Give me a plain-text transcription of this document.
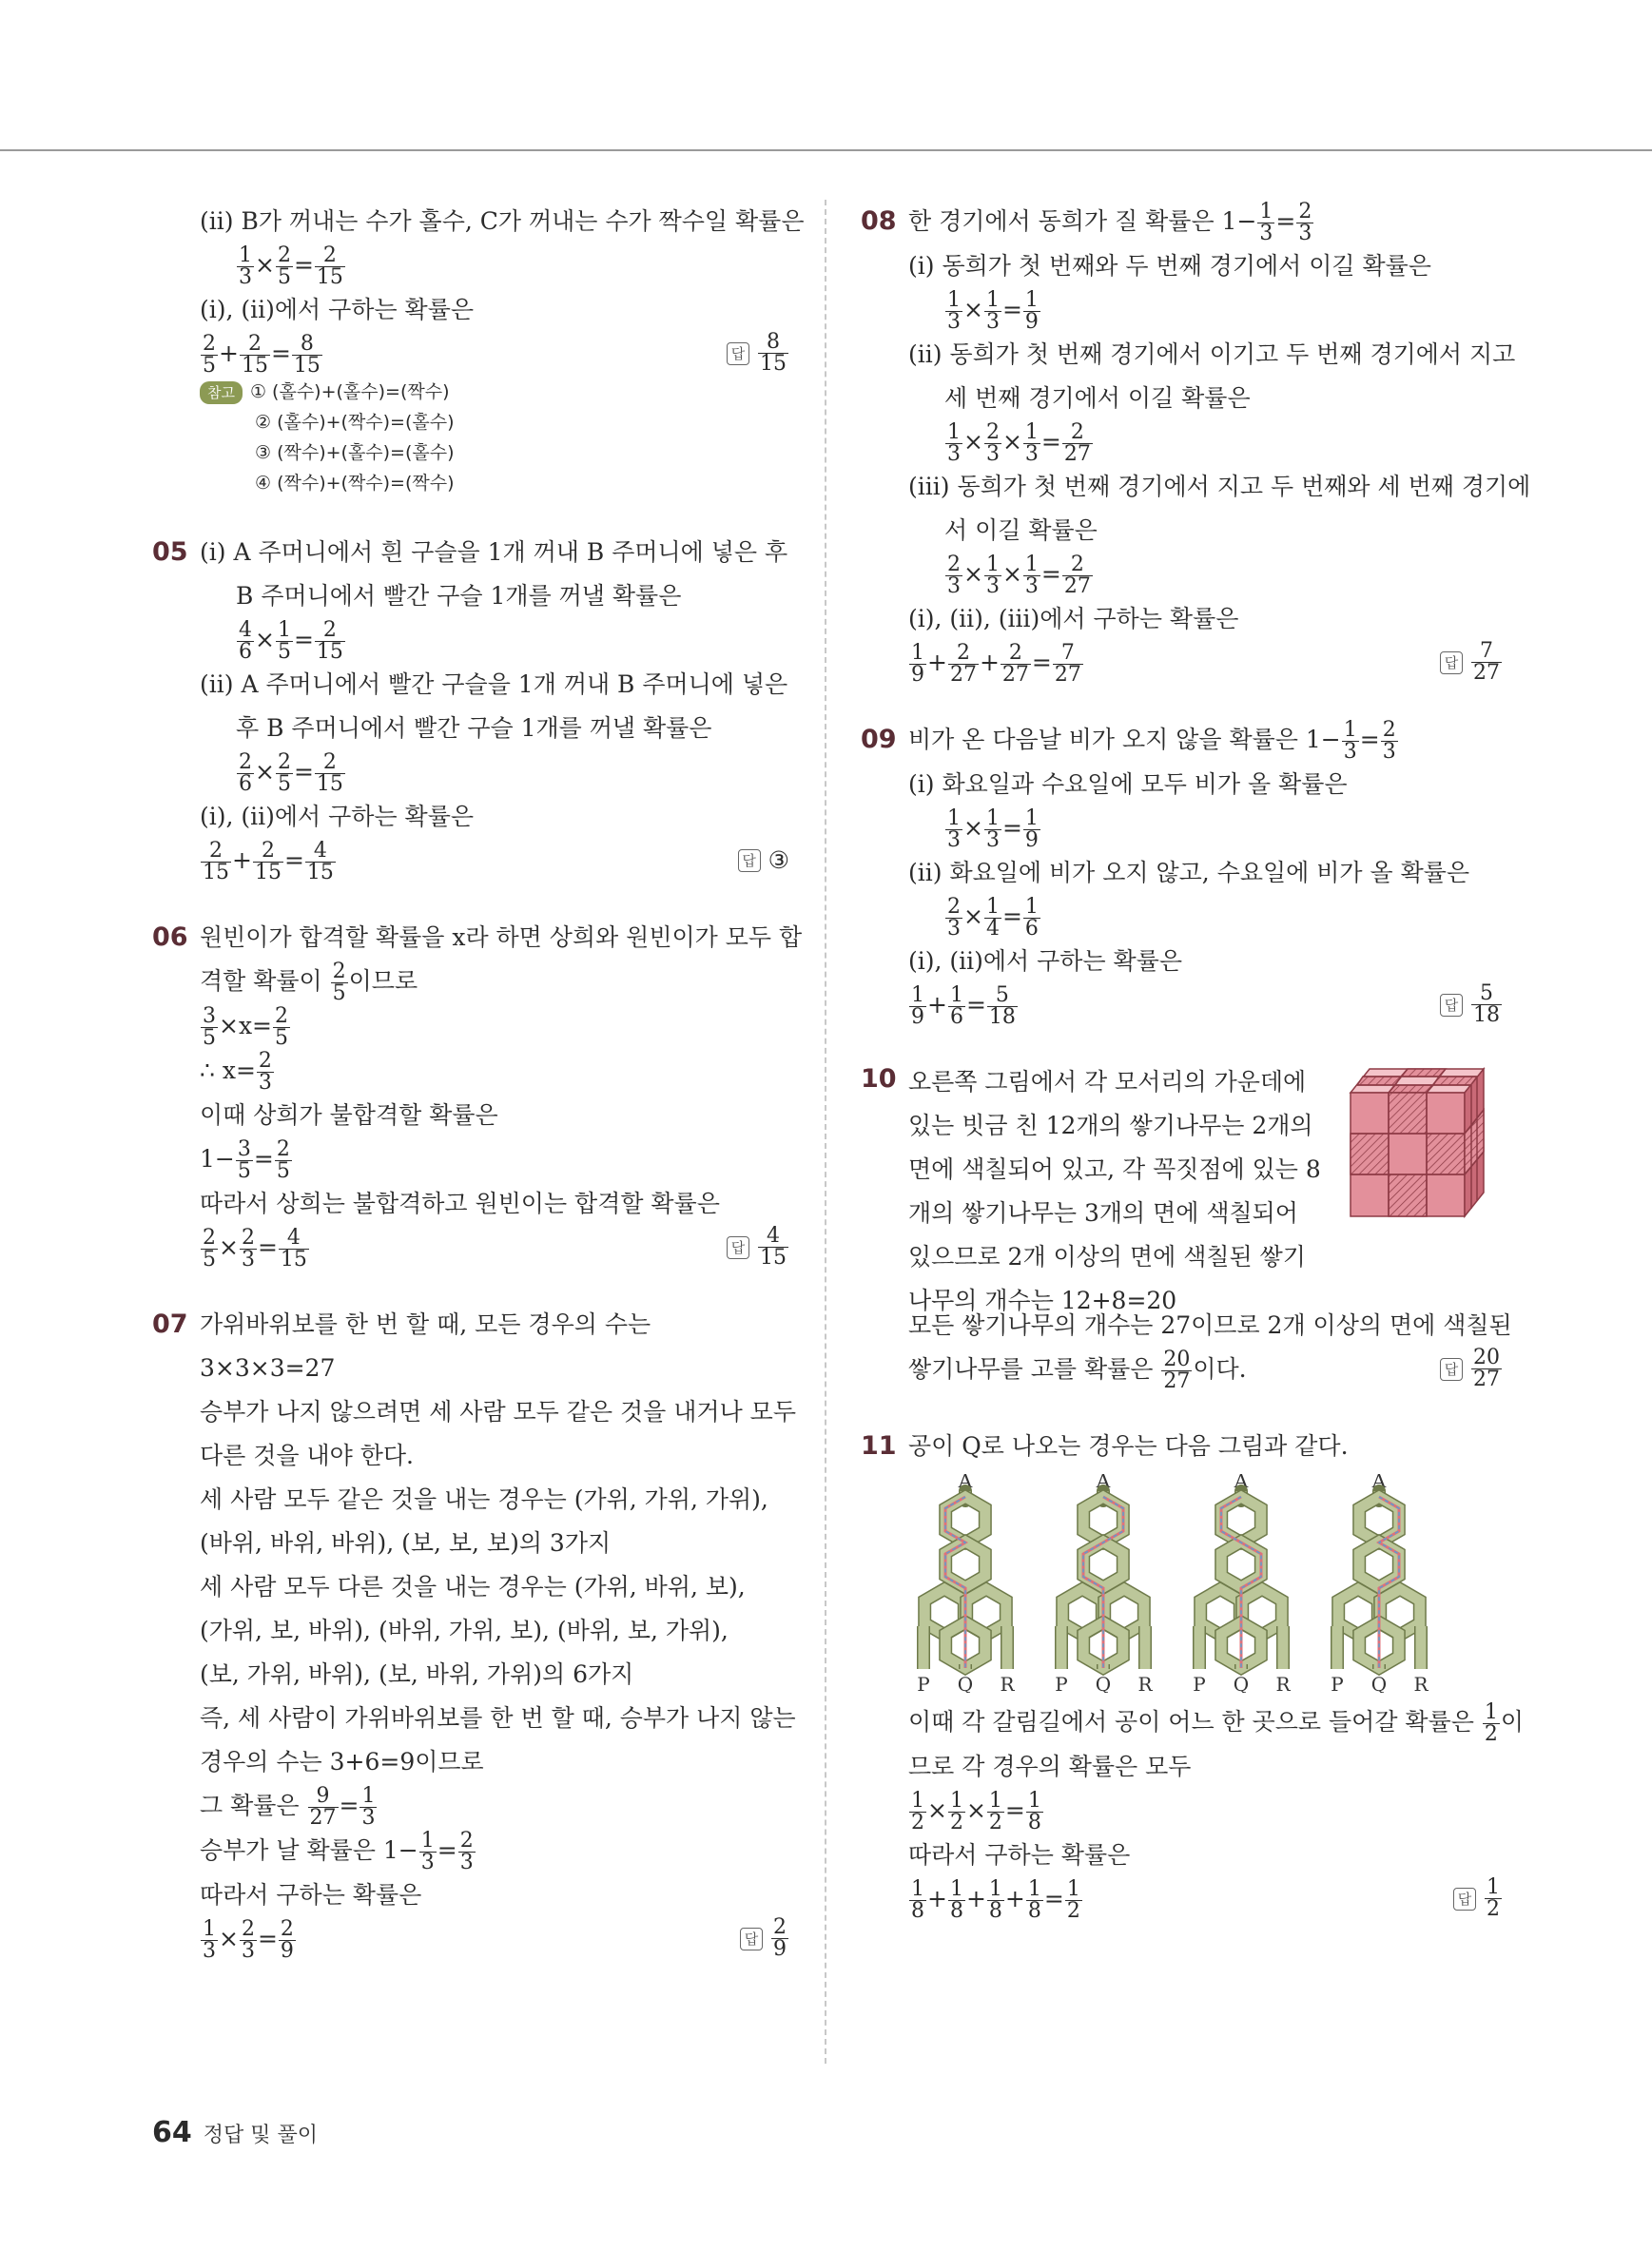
(ⅱ) B가 꺼내는 수가 홀수, C가 꺼내는 수가 짝수일 확률은
$\frac{1}{3} \times \frac{2}{5} = \frac{2}{15}$
(ⅰ), (ⅱ)에서 구하는 확률은
$\frac{2}{5} + \frac{2}{15} = \frac{8}{15}$	답 $\frac{8}{15}$
참고 ① (홀수)+(홀수)=(짝수)
② (홀수)+(짝수)=(홀수)
③ (짝수)+(홀수)=(홀수)
④ (짝수)+(짝수)=(짝수)
05 (ⅰ) A 주머니에서 흰 구슬을 1개 꺼내 B 주머니에 넣은 후
B 주머니에서 빨간 구슬 1개를 꺼낼 확률은
$\frac{4}{6} \times \frac{1}{5} = \frac{2}{15}$
(ⅱ) A 주머니에서 빨간 구슬을 1개 꺼내 B 주머니에 넣은
후 B 주머니에서 빨간 구슬 1개를 꺼낼 확률은
$\frac{2}{6} \times \frac{2}{5} = \frac{2}{15}$
(ⅰ), (ⅱ)에서 구하는 확률은
$\frac{2}{15} + \frac{2}{15} = \frac{4}{15}$	답 ③
06 원빈이가 합격할 확률을 x라 하면 상희와 원빈이가 모두 합
격할 확률이 $\frac{2}{5}$ 이므로
$\frac{3}{5} \times x= \frac{2}{5}$
∴ $x= \frac{2}{3}$
이때 상희가 불합격할 확률은
$1- \frac{3}{5} = \frac{2}{5}$
따라서 상희는 불합격하고 원빈이는 합격할 확률은
$\frac{2}{5} \times \frac{2}{3} = \frac{4}{15}$	답 $\frac{4}{15}$
07 가위바위보를 한 번 할 때, 모든 경우의 수는
3×3×3=27
승부가 나지 않으려면 세 사람 모두 같은 것을 내거나 모두
다른 것을 내야 한다.
세 사람 모두 같은 것을 내는 경우는 (가위, 가위, 가위),
(바위, 바위, 바위), (보, 보, 보)의 3가지
세 사람 모두 다른 것을 내는 경우는 (가위, 바위, 보),
(가위, 보, 바위), (바위, 가위, 보), (바위, 보, 가위),
(보, 가위, 바위), (보, 바위, 가위)의 6가지
즉, 세 사람이 가위바위보를 한 번 할 때, 승부가 나지 않는
경우의 수는 3+6=9이므로
그 확률은 $\frac{9}{27} = \frac{1}{3}$
승부가 날 확률은 $1- \frac{1}{3} = \frac{2}{3}$
따라서 구하는 확률은
$\frac{1}{3} \times \frac{2}{3} = \frac{2}{9}$	답 $\frac{2}{9}$
08 한 경기에서 동희가 질 확률은 $1- \frac{1}{3} = \frac{2}{3}$
(ⅰ) 동희가 첫 번째와 두 번째 경기에서 이길 확률은
$\frac{1}{3} \times \frac{1}{3} = \frac{1}{9}$
(ⅱ) 동희가 첫 번째 경기에서 이기고 두 번째 경기에서 지고
세 번째 경기에서 이길 확률은
$\frac{1}{3} \times \frac{2}{3} \times \frac{1}{3} = \frac{2}{27}$
(ⅲ) 동희가 첫 번째 경기에서 지고 두 번째와 세 번째 경기에
서 이길 확률은
$\frac{2}{3} \times \frac{1}{3} \times \frac{1}{3} = \frac{2}{27}$
(ⅰ), (ⅱ), (ⅲ)에서 구하는 확률은
$\frac{1}{9} + \frac{2}{27} + \frac{2}{27} = \frac{7}{27}$	답 $\frac{7}{27}$
09 비가 온 다음날 비가 오지 않을 확률은 $1- \frac{1}{3} = \frac{2}{3}$
(ⅰ) 화요일과 수요일에 모두 비가 올 확률은
$\frac{1}{3} \times \frac{1}{3} = \frac{1}{9}$
(ⅱ) 화요일에 비가 오지 않고, 수요일에 비가 올 확률은
$\frac{2}{3} \times \frac{1}{4} = \frac{1}{6}$
(ⅰ), (ⅱ)에서 구하는 확률은
$\frac{1}{9} + \frac{1}{6} = \frac{5}{18}$	답 $\frac{5}{18}$
10 오른쪽 그림에서 각 모서리의 가운데에 있는 빗금 친 12개의 쌓기나무는 2개의 면에 색칠되어 있고, 각 꼭짓점에 있는 8개의 쌓기나무는 3개의 면에 색칠되어 있으므로 2개 이상의 면에 색칠된 쌓기나무의 개수는 12+8=20
모든 쌓기나무의 개수는 27이므로 2개 이상의 면에 색칠된
쌓기나무를 고를 확률은 $\frac{20}{27}$ 이다.	답 $\frac{20}{27}$
11 공이 Q로 나오는 경우는 다음 그림과 같다.
A
P Q R
A
P Q R
A
P Q R
A
P Q R
이때 각 갈림길에서 공이 어느 한 곳으로 들어갈 확률은 $\frac{1}{2}$ 이
므로 각 경우의 확률은 모두
$\frac{1}{2} \times \frac{1}{2} \times \frac{1}{2} = \frac{1}{8}$
따라서 구하는 확률은
$\frac{1}{8} + \frac{1}{8} + \frac{1}{8} + \frac{1}{8} = \frac{1}{2}$	답 $\frac{1}{2}$
64 정답 및 풀이
